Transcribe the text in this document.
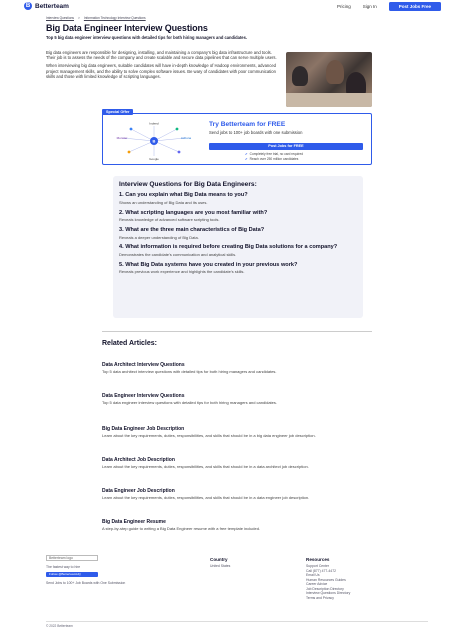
B Betterteam	Pricing	Sign In	Post Jobs Free
Interview Questions > Information Technology Interview Questions
Big Data Engineer Interview Questions
Top 5 big data engineer interview questions with detailed tips for both hiring managers and candidates.

Big data engineers are responsible for designing, installing, and maintaining a company's big data infrastructure and tools. Their job is to assess the needs of the company and create scalable and secure data pipelines that can serve multiple users.

When interviewing big data engineers, suitable candidates will have in-depth knowledge of Hadoop environments, advanced project management skills, and the ability to solve complex software issues. Be wary of candidates with poor communication skills and those with limited knowledge of scripting languages.

Special Offer
B
Indeed
Monster
Google
Adzuna
Try Betterteam for FREE
Send jobs to 100+ job boards with one submission
Post Jobs for FREE
✔ Completely free trial, no card required
✔ Reach over 250 million candidates
Interview Questions for Big Data Engineers:
1. Can you explain what Big Data means to you?
Shows an understanding of Big Data and its uses.
2. What scripting languages are you most familiar with?
Reveals knowledge of advanced software scripting tools.
3. What are the three main characteristics of Big Data?
Reveals a deeper understanding of Big Data.
4. What information is required before creating Big Data solutions for a company?
Demonstrates the candidate's communication and analytical skills.
5. What Big Data systems have you created in your previous work?
Reveals previous work experience and highlights the candidate's skills.
Related Articles:
Data Architect Interview Questions
Top 5 data architect interview questions with detailed tips for both hiring managers and candidates.
Data Engineer Interview Questions
Top 5 data engineer interview questions with detailed tips for both hiring managers and candidates.
Big Data Engineer Job Description
Learn about the key requirements, duties, responsibilities, and skills that should be in a big data engineer job description.
Data Architect Job Description
Learn about the key requirements, duties, responsibilities, and skills that should be in a data architect job description.
Data Engineer Job Description
Learn about the key requirements, duties, responsibilities, and skills that should be in a data engineer job description.
Big Data Engineer Resume
A step-by-step guide to writing a Big Data Engineer resume with a free template included.
Betterteam logo
The fastest way to hire
Follow @BetterteamHQ
Send Jobs to 100+ Job Boards with One Submission
Country
United States
Resources
Support Center
Call (877) 477-4472
Email Us
Human Resources Guides
Career Advice
Job Description Directory
Interview Questions Directory
Terms and Privacy
© 2022 Betterteam
